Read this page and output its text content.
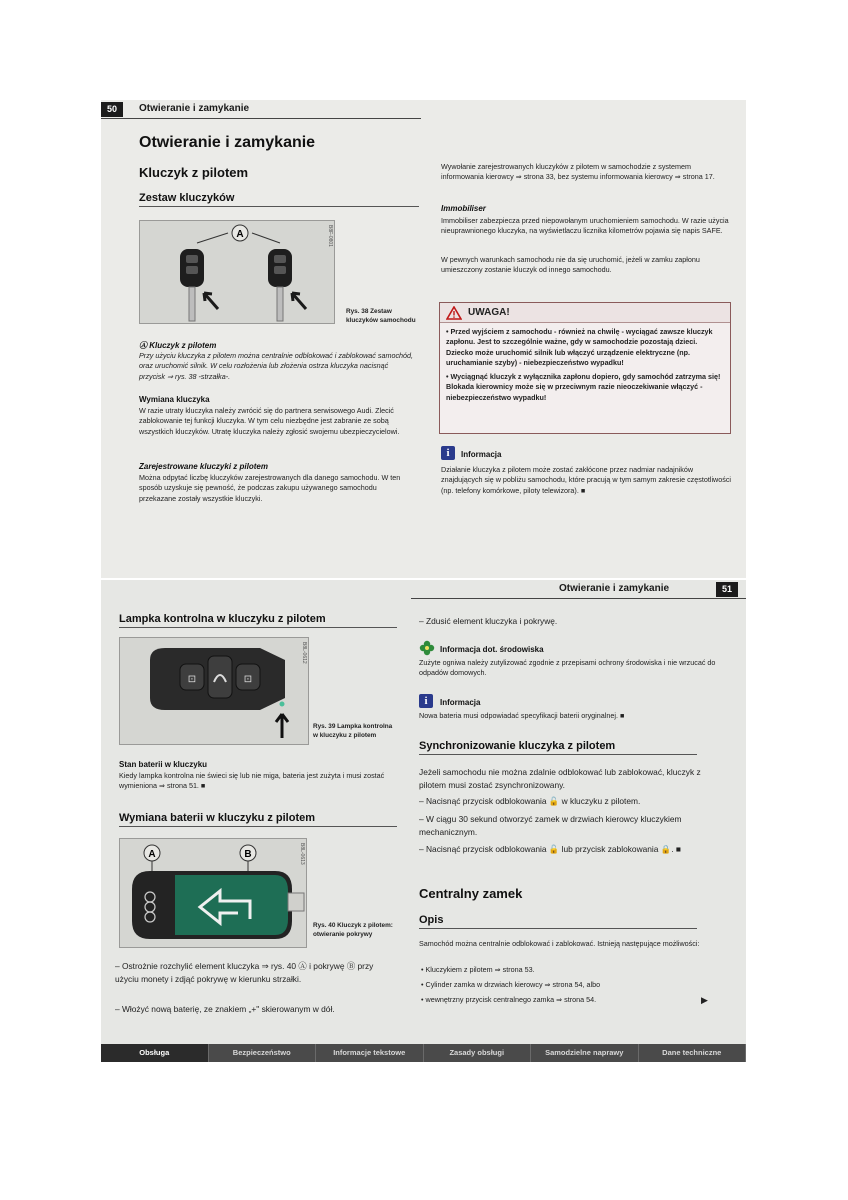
50	Otwieranie i zamykanie
Otwieranie i zamykanie
Kluczyk z pilotem
Zestaw kluczyków
A	B8F-0801
Rys. 38 Zestaw kluczyków samochodu
Ⓐ Kluczyk z pilotem
Przy użyciu kluczyka z pilotem można centralnie odblokować i zablokować samochód, oraz uruchomić silnik. W celu rozłożenia lub złożenia ostrza kluczyka nacisnąć przycisk ⇒ rys. 38 -strzałka-.
Wymiana kluczyka
W razie utraty kluczyka należy zwrócić się do partnera serwisowego Audi. Zlecić zablokowanie tej funkcji kluczyka. W tym celu niezbędne jest zabranie ze sobą wszystkich kluczyków. Utratę kluczyka należy zgłosić swojemu ubezpieczycielowi.
Zarejestrowane kluczyki z pilotem
Można odpytać liczbę kluczyków zarejestrowanych dla danego samochodu. W ten sposób uzyskuje się pewność, że podczas zakupu używanego samochodu przekazane zostały wszystkie kluczyki.
Wywołanie zarejestrowanych kluczyków z pilotem w samochodzie z systemem informowania kierowcy ⇒ strona 33, bez systemu informowania kierowcy ⇒ strona 17.
Immobiliser
Immobiliser zabezpiecza przed niepowołanym uruchomieniem samochodu. W razie użycia nieuprawnionego kluczyka, na wyświetlaczu licznika kilometrów pojawia się napis SAFE.
W pewnych warunkach samochodu nie da się uruchomić, jeżeli w zamku zapłonu umieszczony zostanie kluczyk od innego samochodu.
UWAGA!

• Przed wyjściem z samochodu - również na chwilę - wyciągać zawsze kluczyk zapłonu. Jest to szczególnie ważne, gdy w samochodzie pozostają dzieci. Dziecko może uruchomić silnik lub włączyć urządzenie elektryczne (np. uruchamianie szyby) - niebezpieczeństwo wypadku!

• Wyciągnąć kluczyk z wyłącznika zapłonu dopiero, gdy samochód zatrzyma się! Blokada kierownicy może się w przeciwnym razie nieoczekiwanie włączyć - niebezpieczeństwo wypadku!

i	Informacja
Działanie kluczyka z pilotem może zostać zakłócone przez nadmiar nadajników znajdujących się w pobliżu samochodu, które pracują w tym samym zakresie częstotliwości (np. telefony komórkowe, piloty telewizora). ■
Otwieranie i zamykanie	51
Lampka kontrolna w kluczyku z pilotem
⊡	⊡
B8L-0612
Rys. 39 Lampka kontrolna w kluczyku z pilotem
Stan baterii w kluczyku
Kiedy lampka kontrolna nie świeci się lub nie miga, bateria jest zużyta i musi zostać wymieniona ⇒ strona 51. ■
Wymiana baterii w kluczyku z pilotem
A	B	B8L-0613
Rys. 40 Kluczyk z pilotem: otwieranie pokrywy
– Ostrożnie rozchylić element kluczyka ⇒ rys. 40 Ⓐ i pokrywę Ⓑ przy użyciu monety i zdjąć pokrywę w kierunku strzałki.
– Włożyć nową baterię, ze znakiem „+" skierowanym w dół.
– Zdusić element kluczyka i pokrywę.
Informacja dot. środowiska
Zużyte ogniwa należy zutylizować zgodnie z przepisami ochrony środowiska i nie wrzucać do odpadów domowych.
i	Informacja
Nowa bateria musi odpowiadać specyfikacji baterii oryginalnej. ■
Synchronizowanie kluczyka z pilotem
Jeżeli samochodu nie można zdalnie odblokować lub zablokować, kluczyk z pilotem musi zostać zsynchronizowany.
– Nacisnąć przycisk odblokowania 🔓 w kluczyku z pilotem.
– W ciągu 30 sekund otworzyć zamek w drzwiach kierowcy kluczykiem mechanicznym.
– Nacisnąć przycisk odblokowania 🔓 lub przycisk zablokowania 🔒. ■
Centralny zamek
Opis
Samochód można centralnie odblokować i zablokować. Istnieją następujące możliwości:
• Kluczykiem z pilotem ⇒ strona 53.
• Cylinder zamka w drzwiach kierowcy ⇒ strona 54, albo
• wewnętrzny przycisk centralnego zamka ⇒ strona 54.	▶
Obsługa	Bezpieczeństwo	Informacje tekstowe	Zasady obsługi	Samodzielne naprawy	Dane techniczne
